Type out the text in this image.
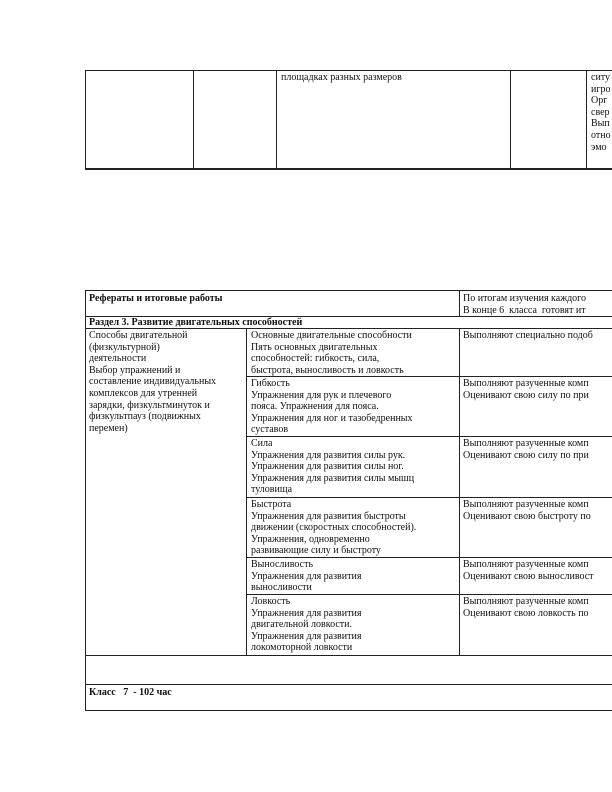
площадках разных размеров	ситу
игро
Орг
свер
Вып
отно
эмо
Рефераты и итоговые работы	По итогам изучения каждого
В конце 6  класса  готовят ит
Раздел 3. Развитие двигательных способностей
Способы двигательной
(физкультурной)
деятельности
Выбор упражнений и
составление индивидуальных
комплексов для утренней
зарядки, физкультминуток и
физкультпауз (подвижных
перемен)
Основные двигательные способности
Пять основных двигательных
способностей: гибкость, сила,
быстрота, выносливость и ловкость
Выполняют специально подоб
Гибкость
Упражнения для рук и плечевого
пояса. Упражнения для пояса.
Упражнения для ног и тазобедренных
суставов
Выполняют разученные комп
Оценивают свою силу по при
Сила
Упражнения для развития силы рук.
Упражнения для развития силы ног.
Упражнения для развития силы мышц
туловища
Выполняют разученные комп
Оценивают свою силу по при
Быстрота
Упражнения для развития быстроты
движении (скоростных способностей).
Упражнения, одновременно
развивающие силу и быстроту
Выполняют разученные комп
Оценивают свою быстроту по
Выносливость
Упражнения для развития
выносливости
Выполняют разученные комп
Оценивают свою выносливост
Ловкость
Упражнения для развития
двигательной ловкости.
Упражнения для развития
локомоторной ловкости
Выполняют разученные комп
Оценивают свою ловкость по
Класс   7  - 102 час
